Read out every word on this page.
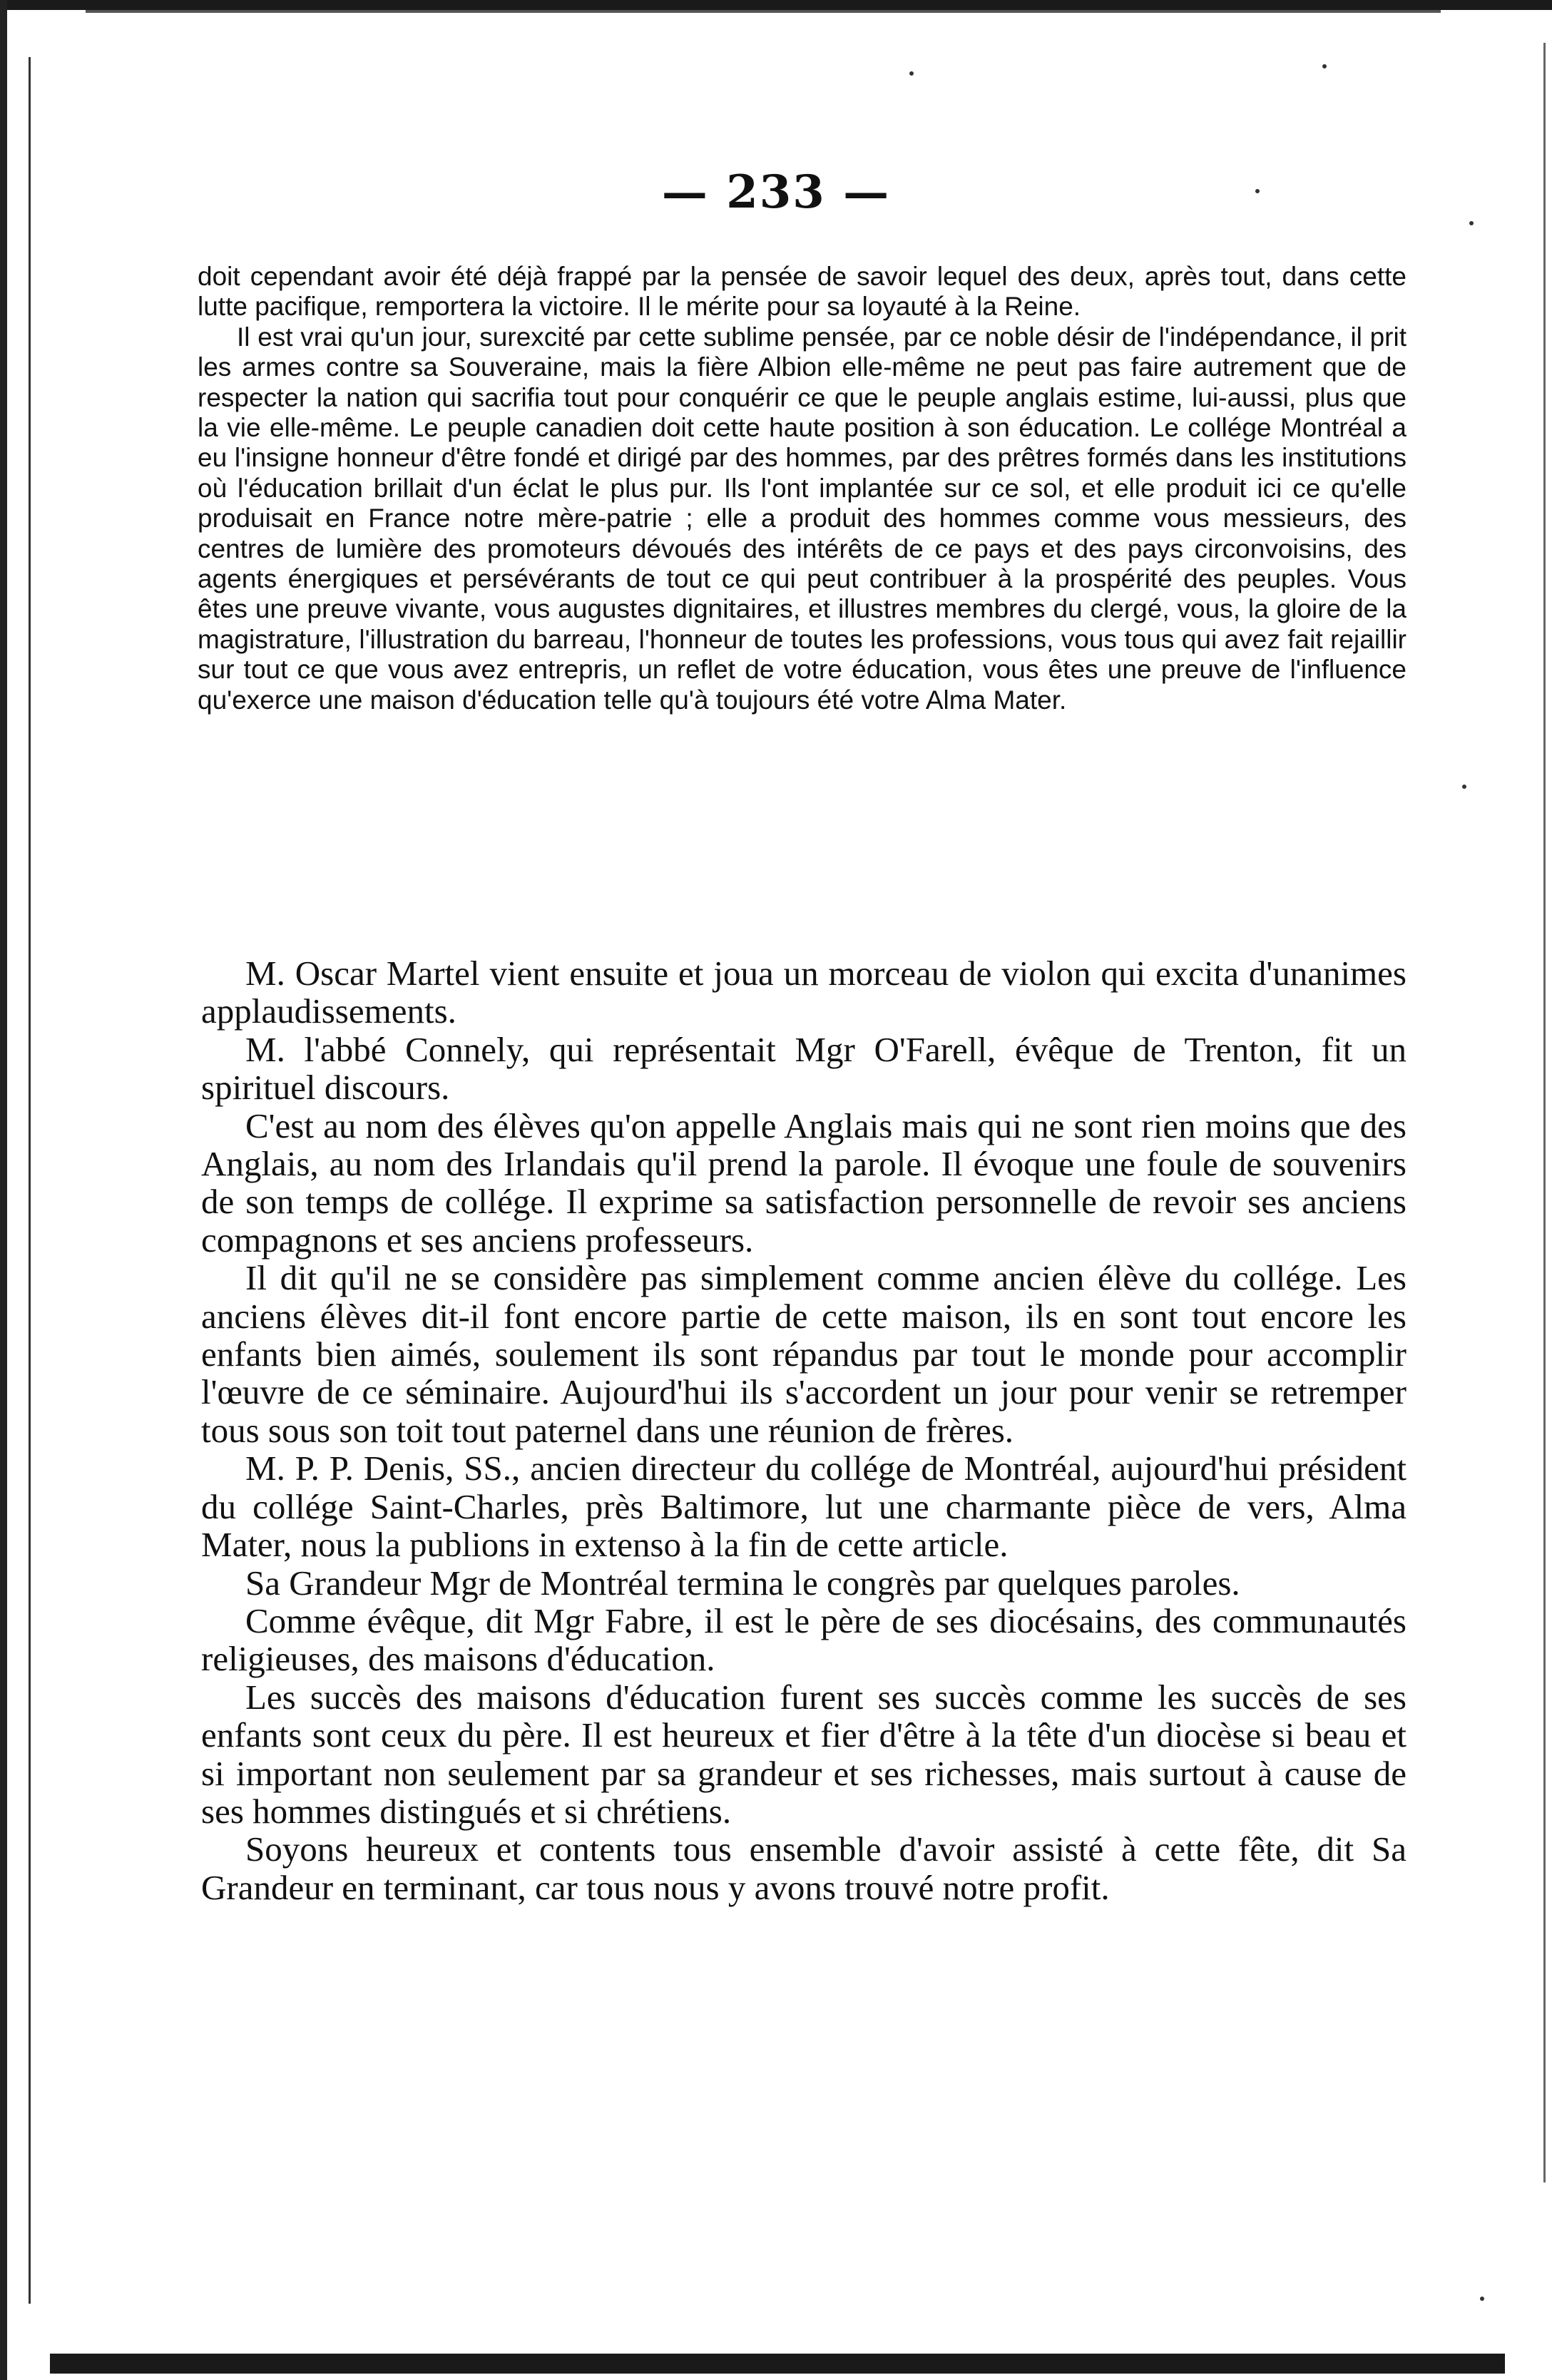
— 233 —

doit cependant avoir été déjà frappé par la pensée de savoir lequel des deux, après tout, dans cette lutte pacifique, remportera la victoire. Il le mérite pour sa loyauté à la Reine.

Il est vrai qu'un jour, surexcité par cette sublime pensée, par ce noble désir de l'indépendance, il prit les armes contre sa Souveraine, mais la fière Albion elle-même ne peut pas faire autrement que de respecter la nation qui sacrifia tout pour conquérir ce que le peuple anglais estime, lui-aussi, plus que la vie elle-même. Le peuple canadien doit cette haute position à son éducation. Le collége Montréal a eu l'insigne honneur d'être fondé et dirigé par des hommes, par des prêtres formés dans les institutions où l'éducation brillait d'un éclat le plus pur. Ils l'ont implantée sur ce sol, et elle produit ici ce qu'elle produisait en France notre mère-patrie ; elle a produit des hommes comme vous messieurs, des centres de lumière des promoteurs dévoués des intérêts de ce pays et des pays circonvoisins, des agents énergiques et persévérants de tout ce qui peut contribuer à la prospérité des peuples. Vous êtes une preuve vivante, vous augustes dignitaires, et illustres membres du clergé, vous, la gloire de la magistrature, l'illustration du barreau, l'honneur de toutes les professions, vous tous qui avez fait rejaillir sur tout ce que vous avez entrepris, un reflet de votre éducation, vous êtes une preuve de l'influence qu'exerce une maison d'éducation telle qu'à toujours été votre Alma Mater.

M. Oscar Martel vient ensuite et joua un morceau de violon qui excita d'unanimes applaudissements.

M. l'abbé Connely, qui représentait Mgr O'Farell, évêque de Trenton, fit un spirituel discours.

C'est au nom des élèves qu'on appelle Anglais mais qui ne sont rien moins que des Anglais, au nom des Irlandais qu'il prend la parole. Il évoque une foule de souvenirs de son temps de collége. Il exprime sa satisfaction personnelle de revoir ses anciens compagnons et ses anciens professeurs.

Il dit qu'il ne se considère pas simplement comme ancien élève du collége. Les anciens élèves dit-il font encore partie de cette maison, ils en sont tout encore les enfants bien aimés, soulement ils sont répandus par tout le monde pour accomplir l'œuvre de ce séminaire. Aujourd'hui ils s'accordent un jour pour venir se retremper tous sous son toit tout paternel dans une réunion de frères.

M. P. P. Denis, SS., ancien directeur du collége de Montréal, aujourd'hui président du collége Saint-Charles, près Baltimore, lut une charmante pièce de vers, Alma Mater, nous la publions in extenso à la fin de cette article.

Sa Grandeur Mgr de Montréal termina le congrès par quelques paroles.

Comme évêque, dit Mgr Fabre, il est le père de ses diocésains, des communautés religieuses, des maisons d'éducation.

Les succès des maisons d'éducation furent ses succès comme les succès de ses enfants sont ceux du père. Il est heureux et fier d'être à la tête d'un diocèse si beau et si important non seulement par sa grandeur et ses richesses, mais surtout à cause de ses hommes distingués et si chrétiens.

Soyons heureux et contents tous ensemble d'avoir assisté à cette fête, dit Sa Grandeur en terminant, car tous nous y avons trouvé notre profit.
